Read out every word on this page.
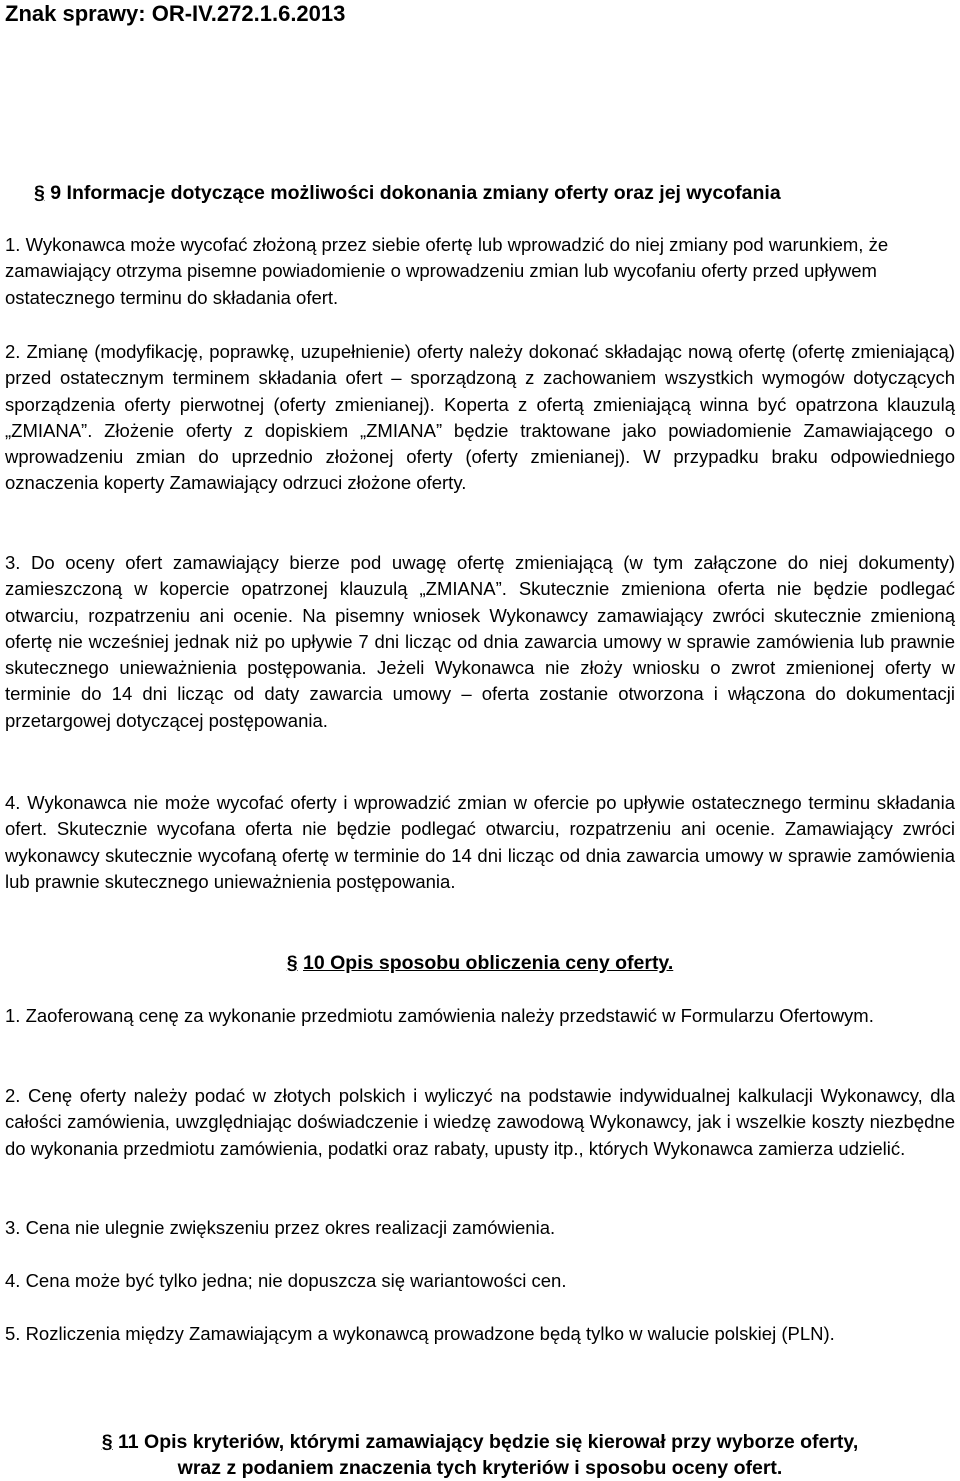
Znak sprawy: OR-IV.272.1.6.2013
§ 9 Informacje dotyczące możliwości dokonania zmiany oferty oraz jej wycofania
1. Wykonawca może wycofać złożoną przez siebie ofertę lub wprowadzić do niej zmiany pod warunkiem, że zamawiający otrzyma pisemne powiadomienie o wprowadzeniu zmian lub wycofaniu oferty przed upływem ostatecznego terminu do składania ofert.
2. Zmianę (modyfikację, poprawkę, uzupełnienie) oferty należy dokonać składając nową ofertę (ofertę zmieniającą) przed ostatecznym terminem składania ofert – sporządzoną z zachowaniem wszystkich wymogów dotyczących sporządzenia oferty pierwotnej (oferty zmienianej). Koperta z ofertą zmieniającą winna być opatrzona klauzulą „ZMIANA”. Złożenie oferty z dopiskiem „ZMIANA” będzie traktowane jako powiadomienie Zamawiającego o wprowadzeniu zmian do uprzednio złożonej oferty (oferty zmienianej). W przypadku braku odpowiedniego oznaczenia koperty Zamawiający odrzuci złożone oferty.
3. Do oceny ofert zamawiający bierze pod uwagę ofertę zmieniającą (w tym załączone do niej dokumenty) zamieszczoną w kopercie opatrzonej klauzulą „ZMIANA”. Skutecznie zmieniona oferta nie będzie podlegać otwarciu, rozpatrzeniu ani ocenie. Na pisemny wniosek Wykonawcy zamawiający zwróci skutecznie zmienioną ofertę nie wcześniej jednak niż po upływie 7 dni licząc od dnia zawarcia umowy w sprawie zamówienia lub prawnie skutecznego unieważnienia postępowania. Jeżeli Wykonawca nie złoży wniosku o zwrot zmienionej oferty w terminie do 14 dni licząc od daty zawarcia umowy – oferta zostanie otworzona i włączona do dokumentacji przetargowej dotyczącej postępowania.
4. Wykonawca nie może wycofać oferty i wprowadzić zmian w ofercie po upływie ostatecznego terminu składania ofert. Skutecznie wycofana oferta nie będzie podlegać otwarciu, rozpatrzeniu ani ocenie. Zamawiający zwróci wykonawcy skutecznie wycofaną ofertę w terminie do 14 dni licząc od dnia zawarcia umowy w sprawie zamówienia lub prawnie skutecznego unieważnienia postępowania.
§ 10 Opis sposobu obliczenia ceny oferty.
1. Zaoferowaną cenę za wykonanie przedmiotu zamówienia należy przedstawić w Formularzu Ofertowym.
2. Cenę oferty należy podać w złotych polskich i wyliczyć na podstawie indywidualnej kalkulacji Wykonawcy, dla całości zamówienia, uwzględniając doświadczenie i wiedzę zawodową Wykonawcy, jak i wszelkie koszty niezbędne do wykonania przedmiotu zamówienia, podatki oraz rabaty, upusty itp., których Wykonawca zamierza udzielić.
3. Cena nie ulegnie zwiększeniu przez okres realizacji zamówienia.
4. Cena może być tylko jedna; nie dopuszcza się wariantowości cen.
5. Rozliczenia między Zamawiającym a wykonawcą prowadzone będą tylko w walucie polskiej (PLN).
§ 11 Opis kryteriów, którymi zamawiający będzie się kierował przy wyborze oferty,
wraz z podaniem znaczenia tych kryteriów i sposobu oceny ofert.
